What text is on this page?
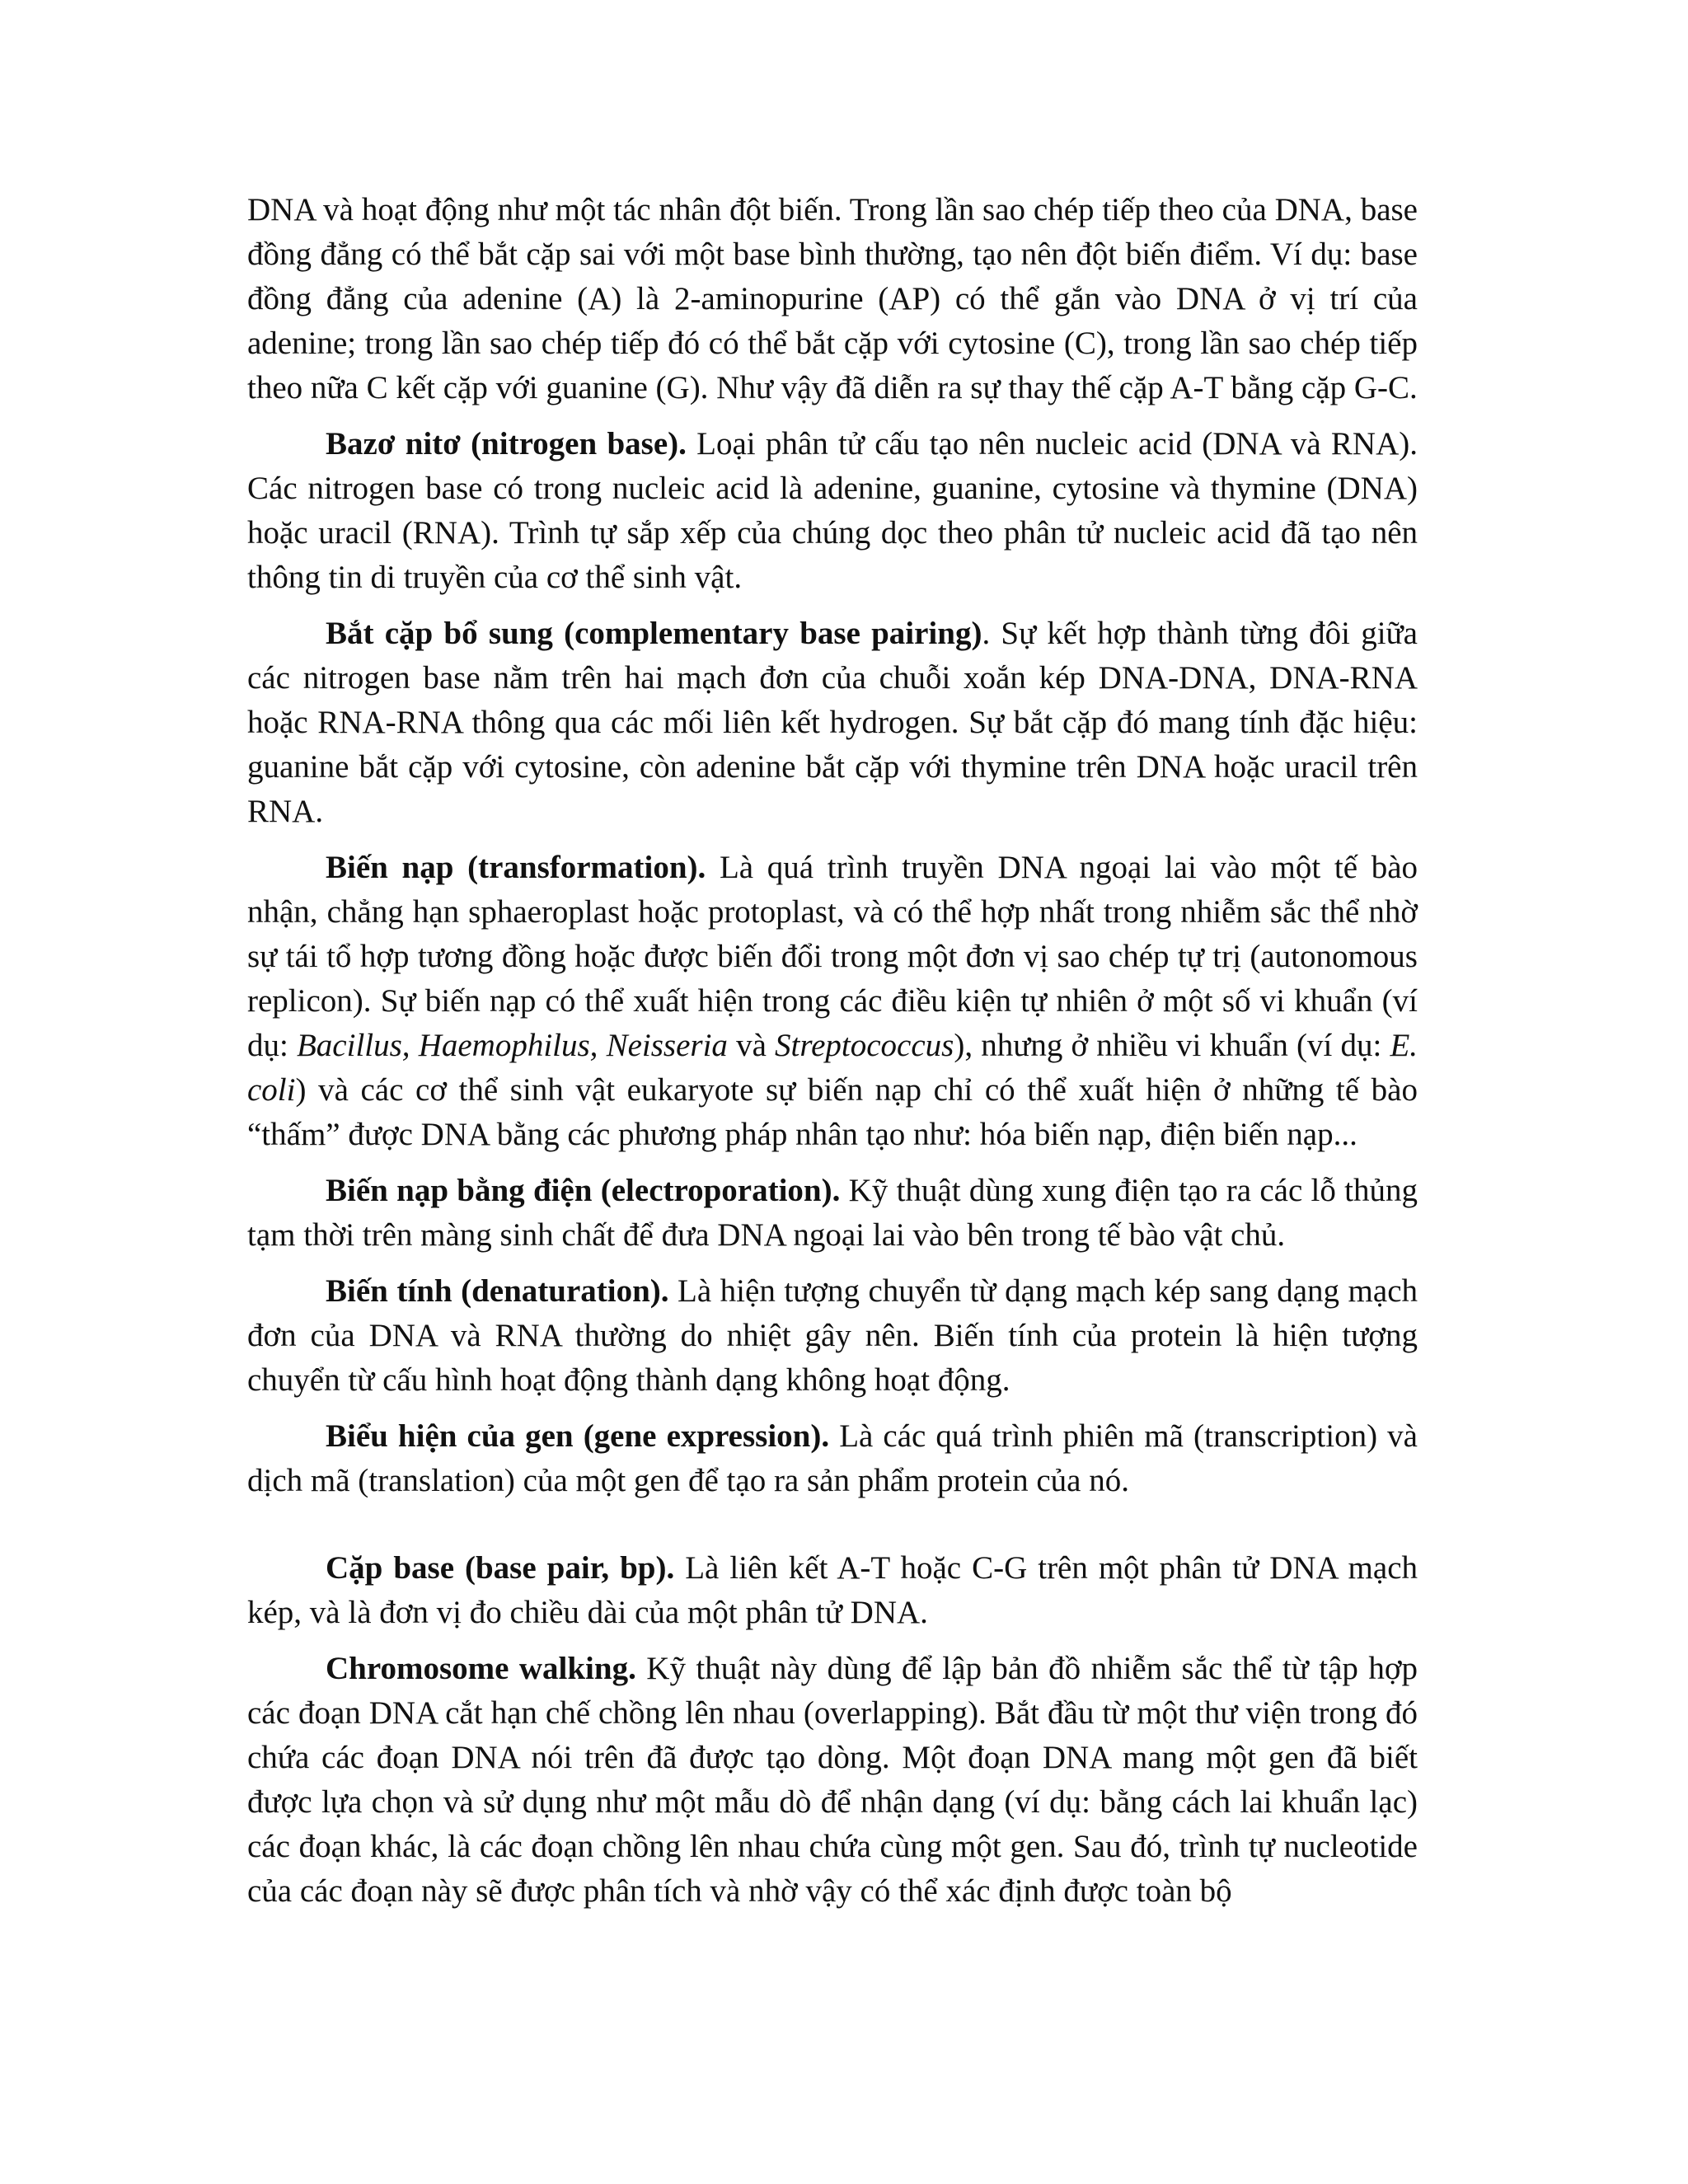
DNA và hoạt động như một tác nhân đột biến. Trong lần sao chép tiếp theo của DNA, base đồng đẳng có thể bắt cặp sai với một base bình thường, tạo nên đột biến điểm. Ví dụ: base đồng đẳng của adenine (A) là 2-aminopurine (AP) có thể gắn vào DNA ở vị trí của adenine; trong lần sao chép tiếp đó có thể bắt cặp với cytosine (C), trong lần sao chép tiếp theo nữa C kết cặp với guanine (G). Như vậy đã diễn ra sự thay thế cặp A-T bằng cặp G-C.

Bazơ nitơ (nitrogen base). Loại phân tử cấu tạo nên nucleic acid (DNA và RNA). Các nitrogen base có trong nucleic acid là adenine, guanine, cytosine và thymine (DNA) hoặc uracil (RNA). Trình tự sắp xếp của chúng dọc theo phân tử nucleic acid đã tạo nên thông tin di truyền của cơ thể sinh vật.

Bắt cặp bổ sung (complementary base pairing). Sự kết hợp thành từng đôi giữa các nitrogen base nằm trên hai mạch đơn của chuỗi xoắn kép DNA-DNA, DNA-RNA hoặc RNA-RNA thông qua các mối liên kết hydrogen. Sự bắt cặp đó mang tính đặc hiệu: guanine bắt cặp với cytosine, còn adenine bắt cặp với thymine trên DNA hoặc uracil trên RNA.

Biến nạp (transformation). Là quá trình truyền DNA ngoại lai vào một tế bào nhận, chẳng hạn sphaeroplast hoặc protoplast, và có thể hợp nhất trong nhiễm sắc thể nhờ sự tái tổ hợp tương đồng hoặc được biến đổi trong một đơn vị sao chép tự trị (autonomous replicon). Sự biến nạp có thể xuất hiện trong các điều kiện tự nhiên ở một số vi khuẩn (ví dụ: Bacillus, Haemophilus, Neisseria và Streptococcus), nhưng ở nhiều vi khuẩn (ví dụ: E. coli) và các cơ thể sinh vật eukaryote sự biến nạp chỉ có thể xuất hiện ở những tế bào “thấm” được DNA bằng các phương pháp nhân tạo như: hóa biến nạp, điện biến nạp...

Biến nạp bằng điện (electroporation). Kỹ thuật dùng xung điện tạo ra các lỗ thủng tạm thời trên màng sinh chất để đưa DNA ngoại lai vào bên trong tế bào vật chủ.

Biến tính (denaturation). Là hiện tượng chuyển từ dạng mạch kép sang dạng mạch đơn của DNA và RNA thường do nhiệt gây nên. Biến tính của protein là hiện tượng chuyển từ cấu hình hoạt động thành dạng không hoạt động.

Biểu hiện của gen (gene expression). Là các quá trình phiên mã (transcription) và dịch mã (translation) của một gen để tạo ra sản phẩm protein của nó.

Cặp base (base pair, bp). Là liên kết A-T hoặc C-G trên một phân tử DNA mạch kép, và là đơn vị đo chiều dài của một phân tử DNA.

Chromosome walking. Kỹ thuật này dùng để lập bản đồ nhiễm sắc thể từ tập hợp các đoạn DNA cắt hạn chế chồng lên nhau (overlapping). Bắt đầu từ một thư viện trong đó chứa các đoạn DNA nói trên đã được tạo dòng. Một đoạn DNA mang một gen đã biết được lựa chọn và sử dụng như một mẫu dò để nhận dạng (ví dụ: bằng cách lai khuẩn lạc) các đoạn khác, là các đoạn chồng lên nhau chứa cùng một gen. Sau đó, trình tự nucleotide của các đoạn này sẽ được phân tích và nhờ vậy có thể xác định được toàn bộ
